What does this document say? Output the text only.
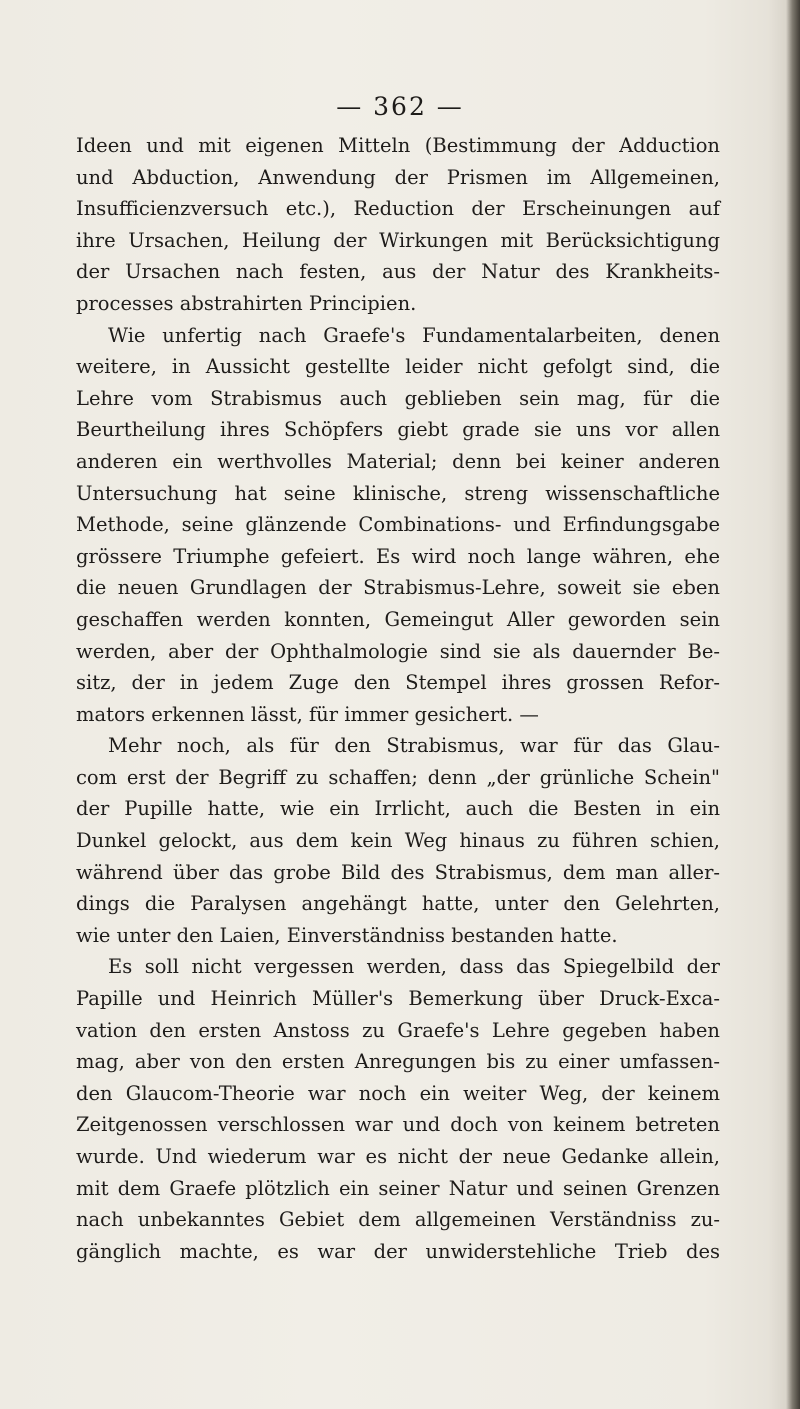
— 362 —
Ideen und mit eigenen Mitteln (Bestimmung der Adduction
und Abduction, Anwendung der Prismen im Allgemeinen,
Insufficienzversuch etc.), Reduction der Erscheinungen auf
ihre Ursachen, Heilung der Wirkungen mit Berücksichtigung
der Ursachen nach festen, aus der Natur des Krankheits-
processes abstrahirten Principien.
Wie unfertig nach Graefe's Fundamentalarbeiten, denen
weitere, in Aussicht gestellte leider nicht gefolgt sind, die
Lehre vom Strabismus auch geblieben sein mag, für die
Beurtheilung ihres Schöpfers giebt grade sie uns vor allen
anderen ein werthvolles Material; denn bei keiner anderen
Untersuchung hat seine klinische, streng wissenschaftliche
Methode, seine glänzende Combinations- und Erfindungsgabe
grössere Triumphe gefeiert. Es wird noch lange währen, ehe
die neuen Grundlagen der Strabismus-Lehre, soweit sie eben
geschaffen werden konnten, Gemeingut Aller geworden sein
werden, aber der Ophthalmologie sind sie als dauernder Be-
sitz, der in jedem Zuge den Stempel ihres grossen Refor-
mators erkennen lässt, für immer gesichert. —
Mehr noch, als für den Strabismus, war für das Glau-
com erst der Begriff zu schaffen; denn „der grünliche Schein"
der Pupille hatte, wie ein Irrlicht, auch die Besten in ein
Dunkel gelockt, aus dem kein Weg hinaus zu führen schien,
während über das grobe Bild des Strabismus, dem man aller-
dings die Paralysen angehängt hatte, unter den Gelehrten,
wie unter den Laien, Einverständniss bestanden hatte.
Es soll nicht vergessen werden, dass das Spiegelbild der
Papille und Heinrich Müller's Bemerkung über Druck-Exca-
vation den ersten Anstoss zu Graefe's Lehre gegeben haben
mag, aber von den ersten Anregungen bis zu einer umfassen-
den Glaucom-Theorie war noch ein weiter Weg, der keinem
Zeitgenossen verschlossen war und doch von keinem betreten
wurde. Und wiederum war es nicht der neue Gedanke allein,
mit dem Graefe plötzlich ein seiner Natur und seinen Grenzen
nach unbekanntes Gebiet dem allgemeinen Verständniss zu-
gänglich machte, es war der unwiderstehliche Trieb des
